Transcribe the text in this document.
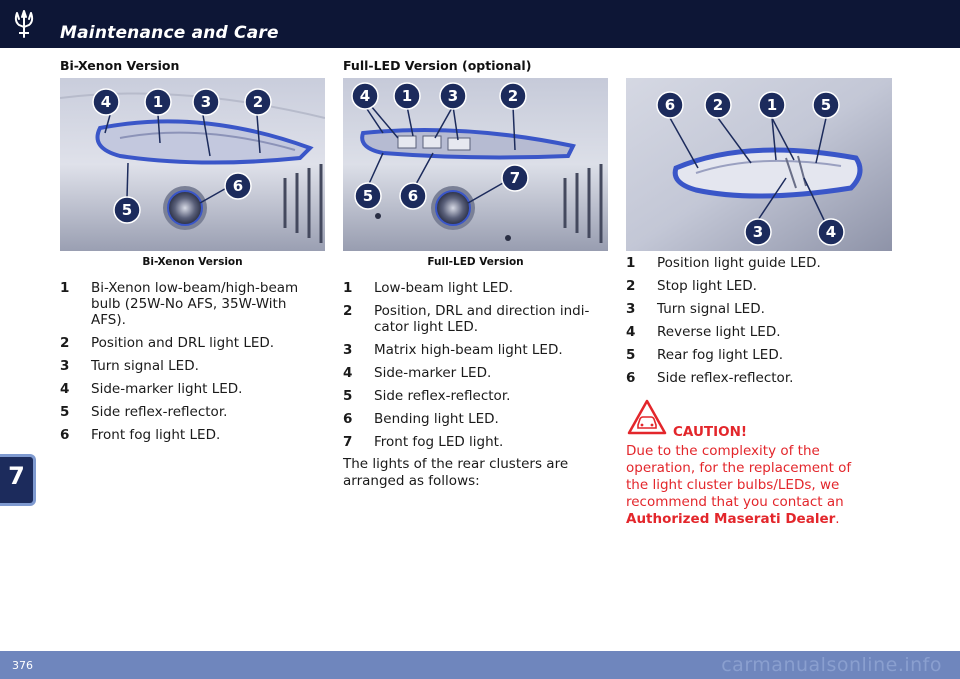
Maintenance and Care
7
Bi-Xenon Version
4	1	3	2
6
5
Bi-Xenon Version
1 Bi-Xenon low-beam/high-beam bulb (25W-No AFS, 35W-With AFS).
2 Position and DRL light LED.
3 Turn signal LED.
4 Side-marker light LED.
5 Side reflex-reflector.
6 Front fog light LED.
Full-LED Version (optional)
4 1 3	2
7
5 6
Full-LED Version
1 Low-beam light LED.
2 Position, DRL and direction indi-cator light LED.
3 Matrix high-beam light LED.
4 Side-marker LED.
5 Side reflex-reflector.
6 Bending light LED.
7 Front fog LED light.
The lights of the rear clusters are arranged as follows:
6	2	1	5
3	4
1 Position light guide LED.
2 Stop light LED.
3 Turn signal LED.
4 Reverse light LED.
5 Rear fog light LED.
6 Side reflex-reflector.
CAUTION!
Due to the complexity of the operation, for the replacement of the light cluster bulbs/LEDs, we recommend that you contact an Authorized Maserati Dealer.
376	carmanualsonline.info
